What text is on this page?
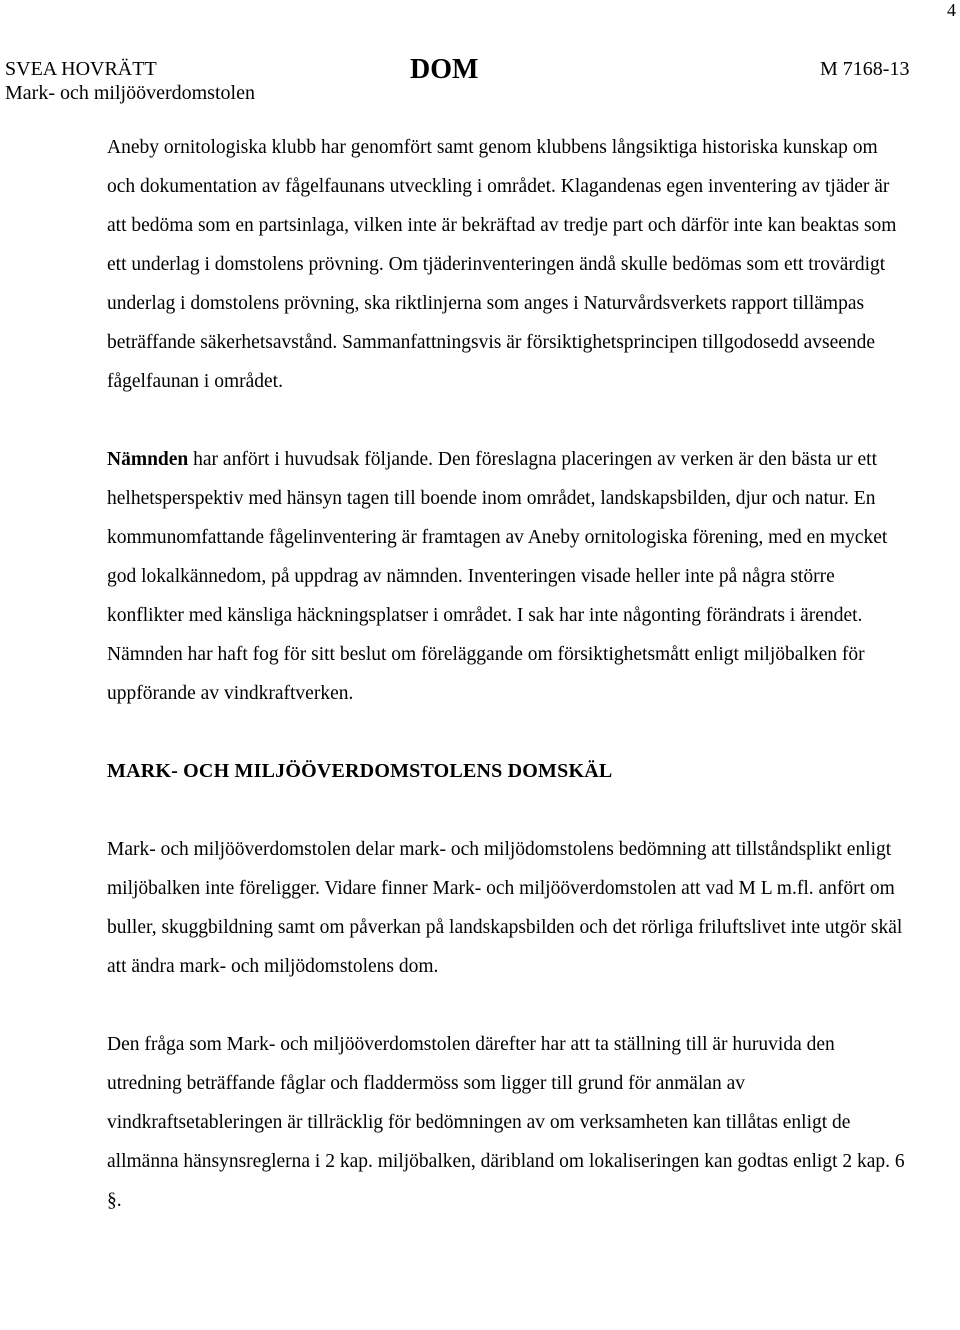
4
SVEA HOVRÄTT
Mark- och miljööverdomstolen
DOM	M 7168-13

Aneby ornitologiska klubb har genomfört samt genom klubbens långsiktiga historiska kunskap om och dokumentation av fågelfaunans utveckling i området. Klagandenas egen inventering av tjäder är att bedöma som en partsinlaga, vilken inte är bekräftad av tredje part och därför inte kan beaktas som ett underlag i domstolens prövning. Om tjäderinventeringen ändå skulle bedömas som ett trovärdigt underlag i domstolens prövning, ska riktlinjerna som anges i Naturvårdsverkets rapport tillämpas beträffande säkerhetsavstånd. Sammanfattningsvis är försiktighetsprincipen tillgodosedd avseende fågelfaunan i området.

Nämnden har anfört i huvudsak följande. Den föreslagna placeringen av verken är den bästa ur ett helhetsperspektiv med hänsyn tagen till boende inom området, landskapsbilden, djur och natur. En kommunomfattande fågelinventering är framtagen av Aneby ornitologiska förening, med en mycket god lokalkännedom, på uppdrag av nämnden. Inventeringen visade heller inte på några större konflikter med känsliga häckningsplatser i området. I sak har inte någonting förändrats i ärendet. Nämnden har haft fog för sitt beslut om föreläggande om försiktighetsmått enligt miljöbalken för uppförande av vindkraftverken.

MARK- OCH MILJÖÖVERDOMSTOLENS DOMSKÄL

Mark- och miljööverdomstolen delar mark- och miljödomstolens bedömning att tillståndsplikt enligt miljöbalken inte föreligger. Vidare finner Mark- och miljööverdomstolen att vad M L m.fl. anfört om buller, skuggbildning samt om påverkan på landskapsbilden och det rörliga friluftslivet inte utgör skäl att ändra mark- och miljödomstolens dom.

Den fråga som Mark- och miljööverdomstolen därefter har att ta ställning till är huruvida den utredning beträffande fåglar och fladdermöss som ligger till grund för anmälan av vindkraftsetableringen är tillräcklig för bedömningen av om verksamheten kan tillåtas enligt de allmänna hänsynsreglerna i 2 kap. miljöbalken, däribland om lokaliseringen kan godtas enligt 2 kap. 6 §.
